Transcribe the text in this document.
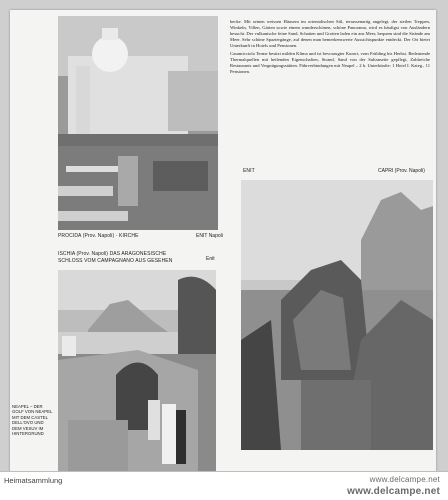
PROCIDA (Prov. Napoli) · KIRCHE	ENIT Napoli

becke. Mit seinen weissen Häusern im orientalischen Stil, terrassenartig angelegt, der steilen Treppen, Winkeln, Villen, Gärten sowie einem wunderschönen, schöne Panorama, wird es häufigst von Ausländern besucht. Der vulkanische feine Sand, Schatten und Grotten laden ein ans Meer, bequem sind die Strände am Meer. Sehr schöne Spaziergänge, auf denen man bemerkenswerte Aussichtspunkte entdeckt. Der Ort bietet Unterkunft in Hotels und Pensionen.

Casamicciola Terme besitzt milden Klima und ist bevorzugter Kurort, vom Frühling bis Herbst. Bedeutende Thermalquellen mit heilenden Eigenschaften, Strand, Sand von der Sultanseite gepflegt, Zahlreiche Restaurants und Vergnügungsstätten. Fährverbindungen mit Neapel – 2 h. Unterkünfte: 1 Hotel I. Kateg., 11 Pensionen.

ISCHIA (Prov. Napoli) DAS ARAGONESISCHE
SCHLOSS VOM CAMPAGNANO AUS GESEHEN	Enit
ENIT	CAPRI (Prov. Napoli)
NEAPEL – DER GOLF VON NEAPEL MIT DEM CASTEL DELL'OVO UND DEM VESUV IM HINTERGRUND
Heimatsammlung	www.delcampe.net
www.delcampe.net
